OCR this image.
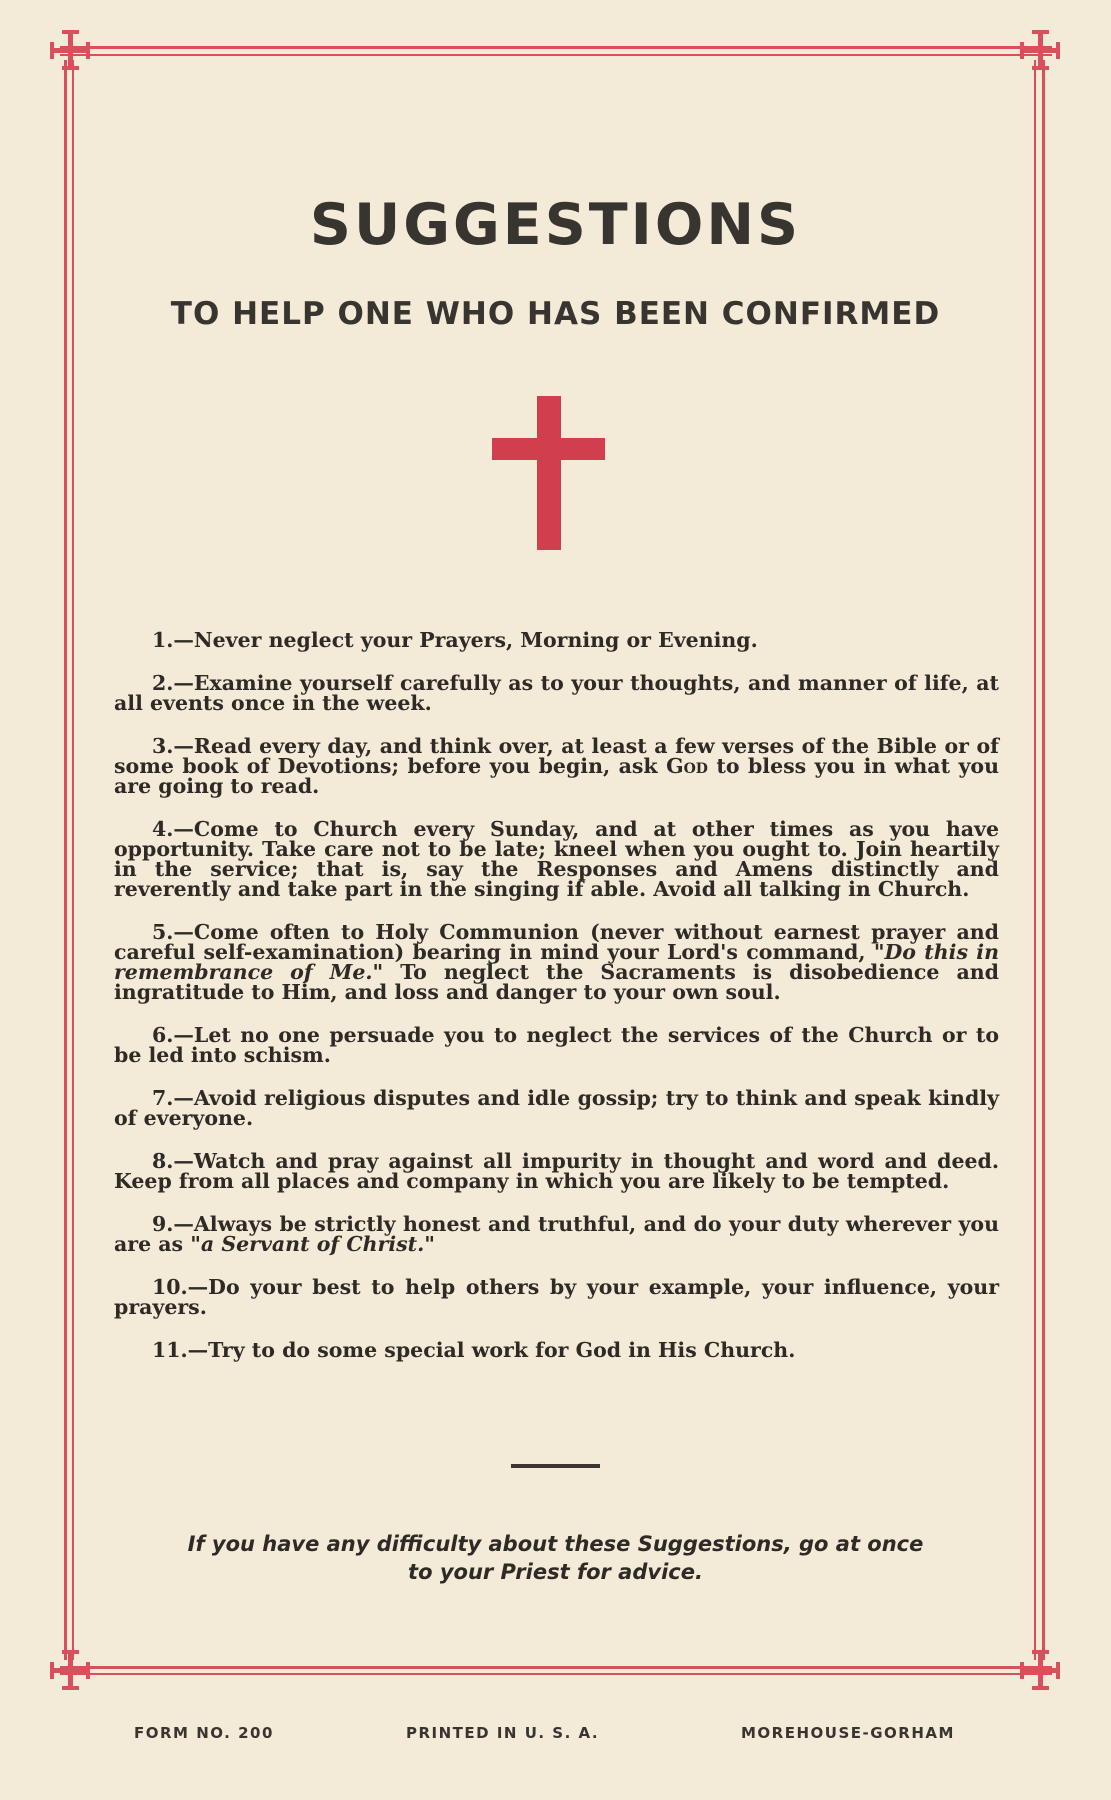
SUGGESTIONS
TO HELP ONE WHO HAS BEEN CONFIRMED
1.—Never neglect your Prayers, Morning or Evening.
2.—Examine yourself carefully as to your thoughts, and manner of life, at all events once in the week.
3.—Read every day, and think over, at least a few verses of the Bible or of some book of Devotions; before you begin, ask God to bless you in what you are going to read.
4.—Come to Church every Sunday, and at other times as you have opportunity. Take care not to be late; kneel when you ought to. Join heartily in the service; that is, say the Responses and Amens distinctly and reverently and take part in the singing if able. Avoid all talking in Church.
5.—Come often to Holy Communion (never without earnest prayer and careful self-examination) bearing in mind your Lord's command, "Do this in remembrance of Me." To neglect the Sacraments is disobedience and ingratitude to Him, and loss and danger to your own soul.
6.—Let no one persuade you to neglect the services of the Church or to be led into schism.
7.—Avoid religious disputes and idle gossip; try to think and speak kindly of everyone.
8.—Watch and pray against all impurity in thought and word and deed. Keep from all places and company in which you are likely to be tempted.
9.—Always be strictly honest and truthful, and do your duty wherever you are as "a Servant of Christ."
10.—Do your best to help others by your example, your influence, your prayers.
11.—Try to do some special work for God in His Church.
If you have any difficulty about these Suggestions, go at once
to your Priest for advice.
FORM NO. 200	PRINTED IN U. S. A.	MOREHOUSE-GORHAM
